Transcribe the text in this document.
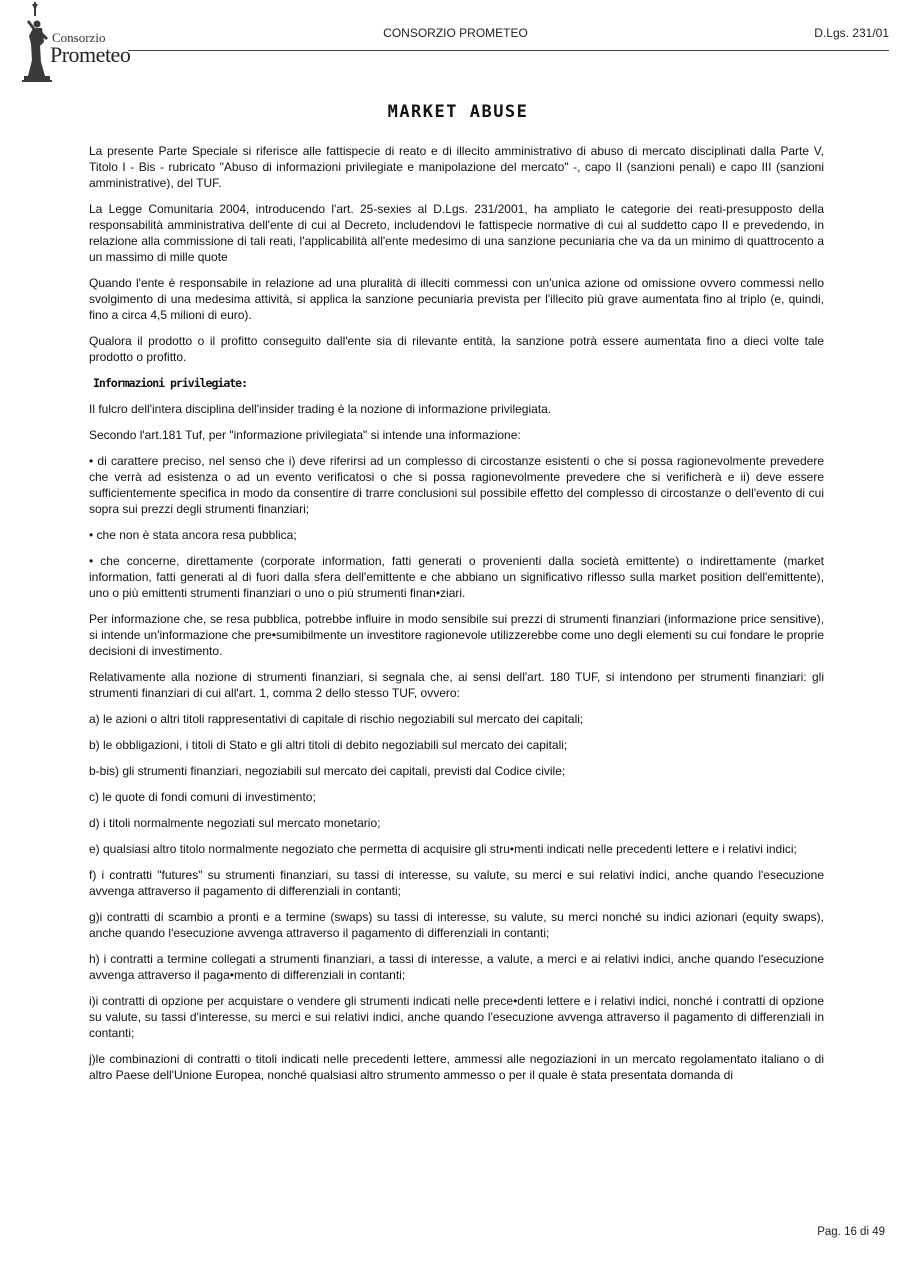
Consorzio
Prometeo
CONSORZIO PROMETEO	D.Lgs. 231/01
MARKET ABUSE

La presente Parte Speciale si riferisce alle fattispecie di reato e di illecito amministrativo di abuso di mercato disciplinati dalla Parte V, Titolo I - Bis - rubricato "Abuso di informazioni privilegiate e manipolazione del mercato" -, capo II (sanzioni penali) e capo III (sanzioni amministrative), del TUF.

La Legge Comunitaria 2004, introducendo l'art. 25-sexies al D.Lgs. 231/2001, ha ampliato le categorie dei reati-presupposto della responsabilità amministrativa dell'ente di cui al Decreto, includendovi le fattispecie normative di cui al suddetto capo II e prevedendo, in relazione alla commissione di tali reati, l'applicabilità all'ente medesimo di una sanzione pecuniaria che va da un minimo di quattrocento a un massimo di mille quote

Quando l'ente è responsabile in relazione ad una pluralità di illeciti commessi con un'unica azione od omissione ovvero commessi nello svolgimento di una medesima attività, si applica la sanzione pecuniaria prevista per l'illecito più grave aumentata fino al triplo (e, quindi, fino a circa 4,5 milioni di euro).

Qualora il prodotto o il profitto conseguito dall'ente sia di rilevante entità, la sanzione potrà essere aumentata fino a dieci volte tale prodotto o profitto.

Informazioni privilegiate:

Il fulcro dell'intera disciplina dell'insider trading è la nozione di informazione privilegiata.

Secondo l'art.181 Tuf, per "informazione privilegiata" si intende una informazione:

• di carattere preciso, nel senso che i) deve riferirsi ad un complesso di circostanze esistenti o che si possa ragionevolmente prevedere che verrà ad esistenza o ad un evento verificatosi o che si possa ragionevolmente prevedere che si verificherà e ii) deve essere sufficientemente specifica in modo da consentire di trarre conclusioni sul possibile effetto del complesso di circostanze o dell'evento di cui sopra sui prezzi degli strumenti finanziari;

• che non è stata ancora resa pubblica;

• che concerne, direttamente (corporate information, fatti generati o provenienti dalla società emittente) o indirettamente (market information, fatti generati al di fuori dalla sfera dell'emittente e che abbiano un significativo riflesso sulla market position dell'emittente), uno o più emittenti strumenti finanziari o uno o più strumenti finan•ziari.

Per informazione che, se resa pubblica, potrebbe influire in modo sensibile sui prezzi di strumenti finanziari (informazione price sensitive), si intende un'informazione che pre•sumibilmente un investitore ragionevole utilizzerebbe come uno degli elementi su cui fondare le proprie decisioni di investimento.

Relativamente alla nozione di strumenti finanziari, si segnala che, ai sensi dell'art. 180 TUF, si intendono per strumenti finanziari: gli strumenti finanziari di cui all'art. 1, comma 2 dello stesso TUF, ovvero:

a) le azioni o altri titoli rappresentativi di capitale di rischio negoziabili sul mercato dei capitali;

b) le obbligazioni, i titoli di Stato e gli altri titoli di debito negoziabili sul mercato dei capitali;

b-bis) gli strumenti finanziari, negoziabili sul mercato dei capitali, previsti dal Codice civile;

c) le quote di fondi comuni di investimento;

d) i titoli normalmente negoziati sul mercato monetario;

e) qualsiasi altro titolo normalmente negoziato che permetta di acquisire gli stru•menti indicati nelle precedenti lettere e i relativi indici;

f) i contratti "futures" su strumenti finanziari, su tassi di interesse, su valute, su merci e sui relativi indici, anche quando l'esecuzione avvenga attraverso il pagamento di differenziali in contanti;

g)i contratti di scambio a pronti e a termine (swaps) su tassi di interesse, su valute, su merci nonché su indici azionari (equity swaps), anche quando l'esecuzione avvenga attraverso il pagamento di differenziali in contanti;

h) i contratti a termine collegati a strumenti finanziari, a tassi di interesse, a valute, a merci e ai relativi indici, anche quando l'esecuzione avvenga attraverso il paga•mento di differenziali in contanti;

i)i contratti di opzione per acquistare o vendere gli strumenti indicati nelle prece•denti lettere e i relativi indici, nonché i contratti di opzione su valute, su tassi d'interesse, su merci e sui relativi indici, anche quando l'esecuzione avvenga attraverso il pagamento di differenziali in contanti;

j)le combinazioni di contratti o titoli indicati nelle precedenti lettere, ammessi alle negoziazioni in un mercato regolamentato italiano o di altro Paese dell'Unione Europea, nonché qualsiasi altro strumento ammesso o per il quale è stata presentata domanda di

Pag. 16 di 49
